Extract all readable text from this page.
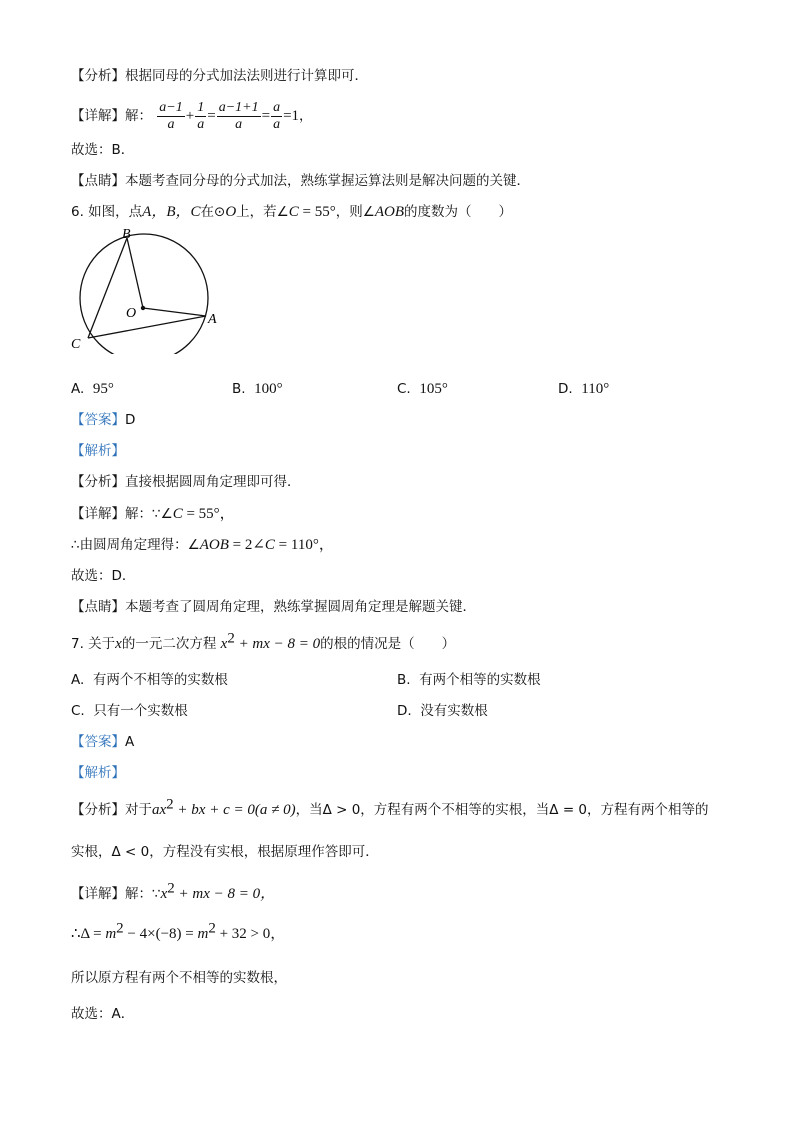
【分析】根据同母的分式加法法则进行计算即可．
【详解】解： $\frac{a-1}{a} + \frac{1}{a} = \frac{a-1+1}{a} = \frac{a}{a} =1$，
故选：B．
【点睛】本题考查同分母的分式加法，熟练掌握运算法则是解决问题的关键．
6. 如图，点A，B，C在⊙O上，若∠C = 55°，则∠AOB的度数为（　　）
B
O	A
C
A. 95°	B. 100°	C. 105°	D. 110°
【答案】D
【解析】
【分析】直接根据圆周角定理即可得．
【详解】解：∵∠C = 55°，
∴由圆周角定理得：∠AOB = 2∠C = 110°，
故选：D．
【点睛】本题考查了圆周角定理，熟练掌握圆周角定理是解题关键．
7. 关于x的一元二次方程 $x^2$ + mx − 8 = 0的根的情况是（　　）
A. 有两个不相等的实数根	B. 有两个相等的实数根
C. 只有一个实数根	D. 没有实数根
【答案】A
【解析】
【分析】对于$ax^2$ + bx + c = 0(a ≠ 0)，当Δ > 0，方程有两个不相等的实根，当Δ = 0，方程有两个相等的
实根，Δ < 0，方程没有实根，根据原理作答即可．
【详解】解：$\because x^2$ + mx − 8 = 0，
∴Δ = $m^2 - 4\times(-8) = m^2 + 32 > 0$，
所以原方程有两个不相等的实数根，
故选：A．
